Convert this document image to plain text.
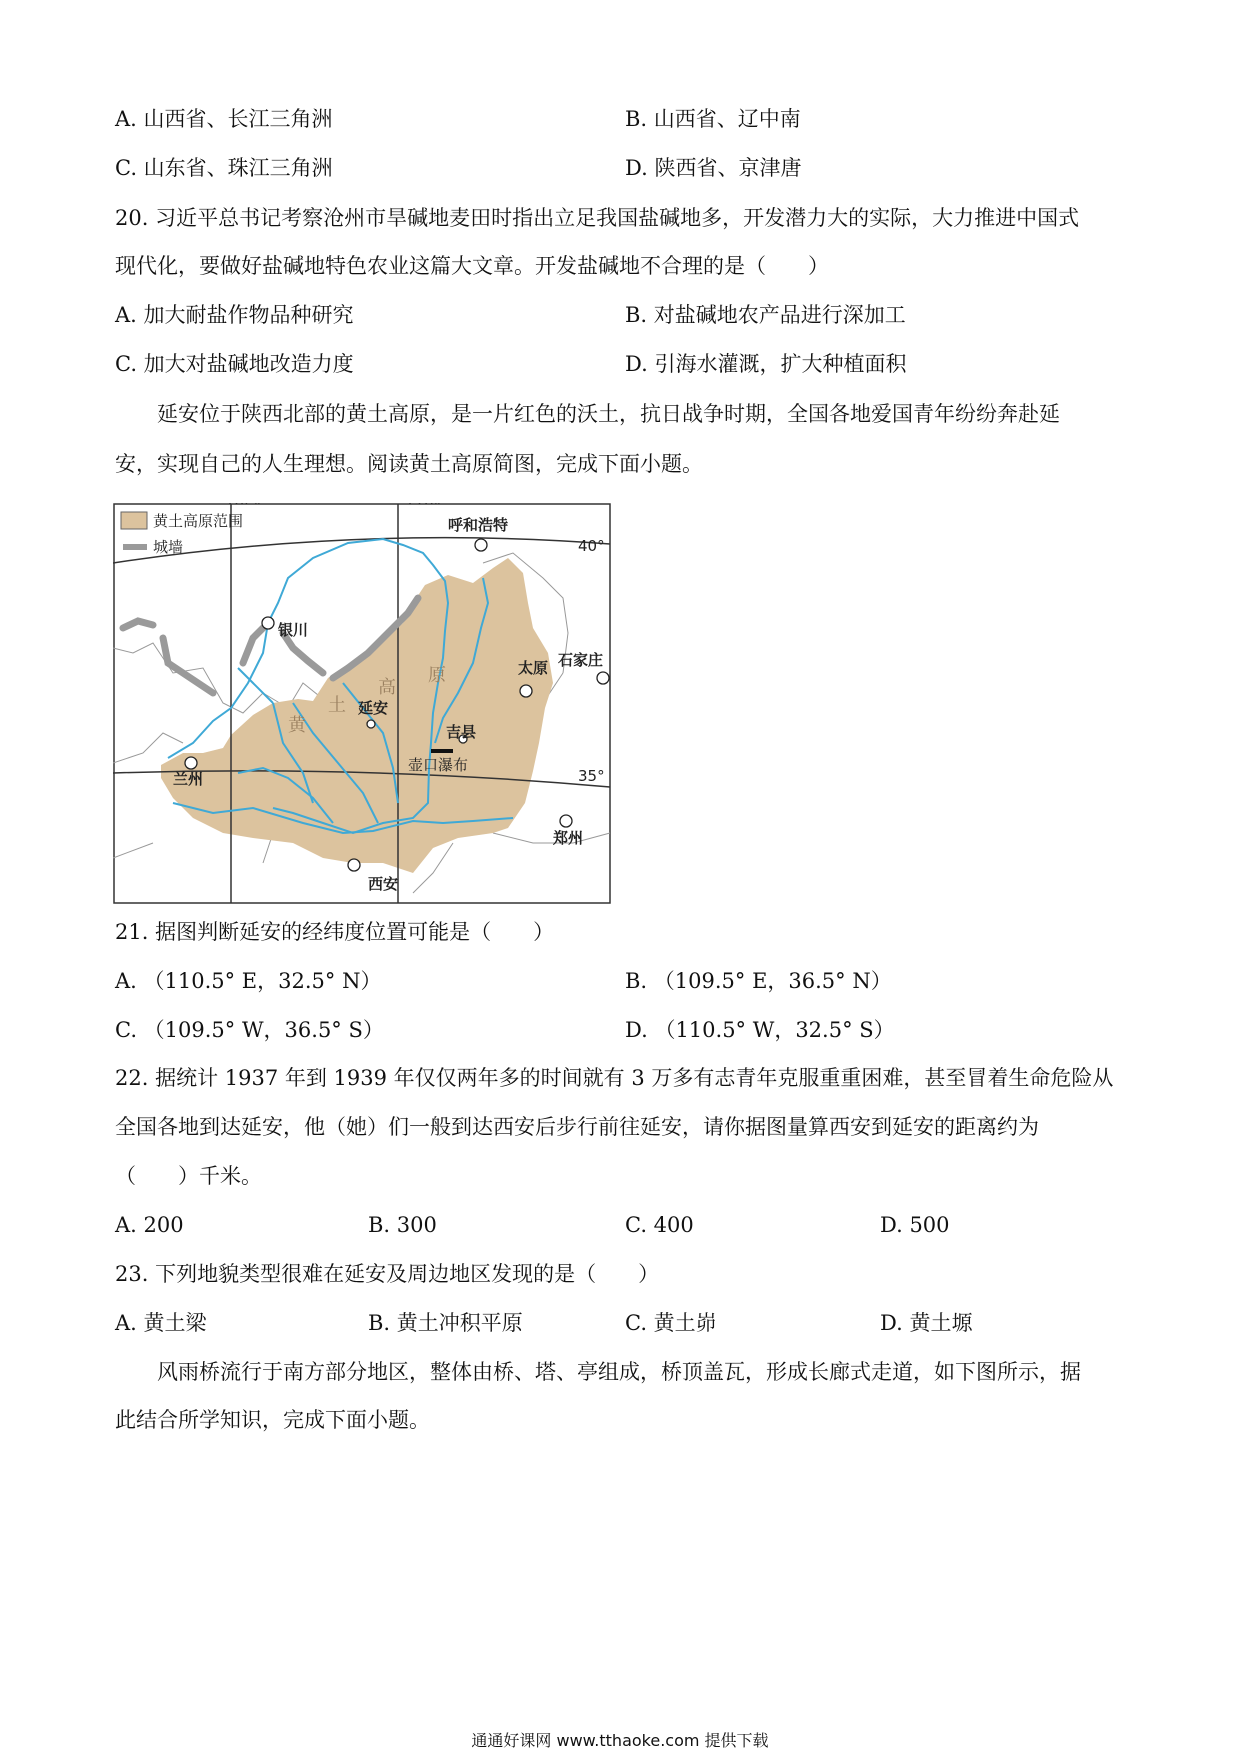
A. 山西省、长江三角洲	B. 山西省、辽中南
C. 山东省、珠江三角洲	D. 陕西省、京津唐
20. 习近平总书记考察沧州市旱碱地麦田时指出立足我国盐碱地多，开发潜力大的实际，大力推进中国式
现代化，要做好盐碱地特色农业这篇大文章。开发盐碱地不合理的是（　　）
A. 加大耐盐作物品种研究	B. 对盐碱地农产品进行深加工
C. 加大对盐碱地改造力度	D. 引海水灌溉，扩大种植面积
延安位于陕西北部的黄土高原，是一片红色的沃土，抗日战争时期，全国各地爱国青年纷纷奔赴延
安，实现自己的人生理想。阅读黄土高原简图，完成下面小题。
黄土高原范围
城墙	40°
35°
呼和浩特
银川
太原 石家庄
延安
吉县
壶口瀑布
兰州
西安
郑州
黄
土
高
原
21. 据图判断延安的经纬度位置可能是（　　）
A. （110.5° E，32.5° N）	B. （109.5° E，36.5° N）
C. （109.5° W，36.5° S）	D. （110.5° W，32.5° S）
22. 据统计 1937 年到 1939 年仅仅两年多的时间就有 3 万多有志青年克服重重困难，甚至冒着生命危险从
全国各地到达延安，他（她）们一般到达西安后步行前往延安，请你据图量算西安到延安的距离约为
（　　）千米。
A. 200	B. 300	C. 400	D. 500
23. 下列地貌类型很难在延安及周边地区发现的是（　　）
A. 黄土梁	B. 黄土冲积平原	C. 黄土峁	D. 黄土塬
风雨桥流行于南方部分地区，整体由桥、塔、亭组成，桥顶盖瓦，形成长廊式走道，如下图所示，据
此结合所学知识，完成下面小题。
通通好课网 www.tthaoke.com 提供下载
